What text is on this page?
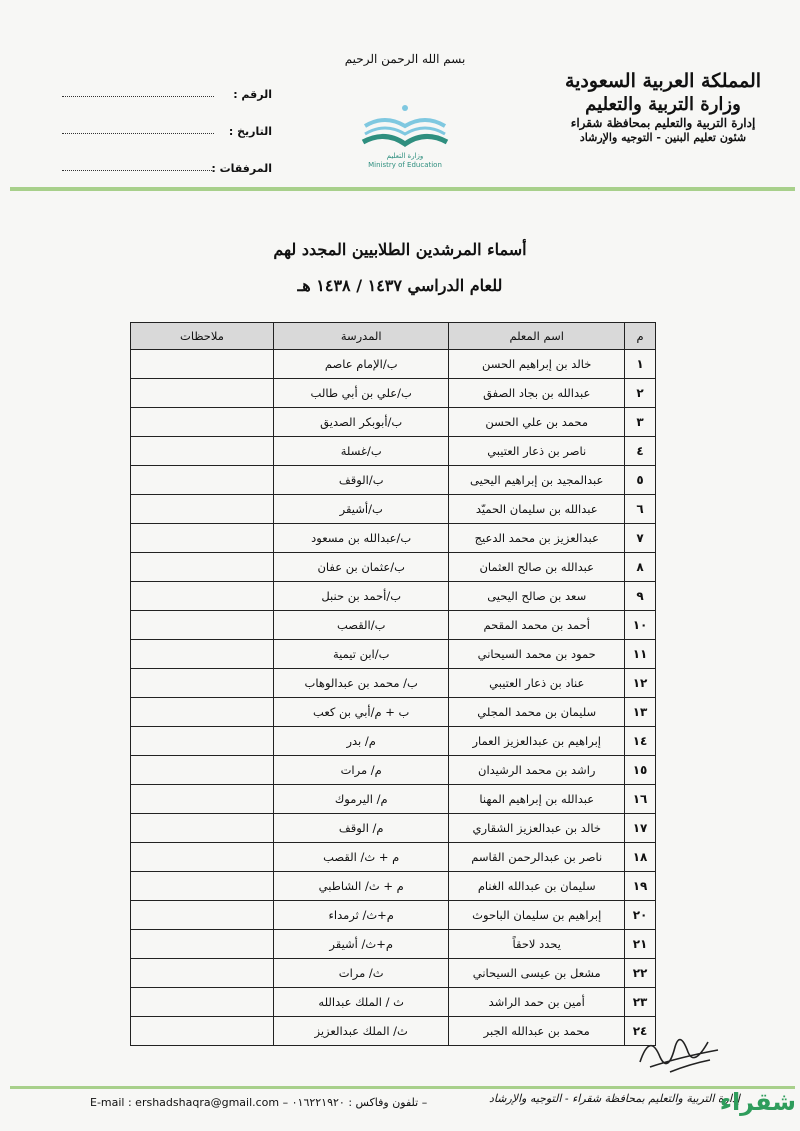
المملكة العربية السعودية
وزارة التربية والتعليم
إدارة التربية والتعليم بمحافظة شقراء
شئون تعليم البنين - التوجيه والإرشاد
بسم الله الرحمن الرحيم
وزارة التعليم
Ministry of Education
الرقم :
التاريخ :
المرفقات :
أسماء المرشدين الطلابيين المجدد لهم
للعام الدراسي ١٤٣٧ / ١٤٣٨ هـ
م	اسم المعلم	المدرسة	ملاحظات
١	خالد بن إبراهيم الحسن	ب/الإمام عاصم	
٢	عبدالله بن بجاد الصفق	ب/علي بن أبي طالب	
٣	محمد بن علي الحسن	ب/أبوبكر الصديق	
٤	ناصر بن ذعار العتيبي	ب/غسلة	
٥	عبدالمجيد بن إبراهيم اليحيى	ب/الوقف	
٦	عبدالله بن سليمان الحميّد	ب/أشيقر	
٧	عبدالعزيز بن محمد الدعيج	ب/عبدالله بن مسعود	
٨	عبدالله بن صالح العثمان	ب/عثمان بن عفان	
٩	سعد بن صالح اليحيى	ب/أحمد بن حنبل	
١٠	أحمد بن محمد المقحم	ب/القصب	
١١	حمود بن محمد السيحاني	ب/ابن تيمية	
١٢	عناد بن ذعار العتيبي	ب/ محمد بن عبدالوهاب	
١٣	سليمان بن محمد المجلي	ب + م/أبي بن كعب	
١٤	إبراهيم بن عبدالعزيز العمار	م/ بدر	
١٥	راشد بن محمد الرشيدان	م/ مرات	
١٦	عبدالله بن إبراهيم المهنا	م/ اليرموك	
١٧	خالد بن عبدالعزيز الشقاري	م/ الوقف	
١٨	ناصر بن عبدالرحمن القاسم	م + ث/ القصب	
١٩	سليمان بن عبدالله الغنام	م + ث/ الشاطبي	
٢٠	إبراهيم بن سليمان الباحوث	م+ث/ ثرمداء	
٢١	يحدد لاحقاً	م+ث/ أشيقر	
٢٢	مشعل بن عيسى السيحاني	ث/ مرات	
٢٣	أمين بن حمد الراشد	ث / الملك عبدالله	
٢٤	محمد بن عبدالله الجبر	ث/ الملك عبدالعزيز	
E-mail : ershadshaqra@gmail.com – تلفون وفاكس : ٠١٦٢٢١٩٢٠ –	إدارة التربية والتعليم بمحافظة شقراء - التوجيه والإرشاد
شقراء
